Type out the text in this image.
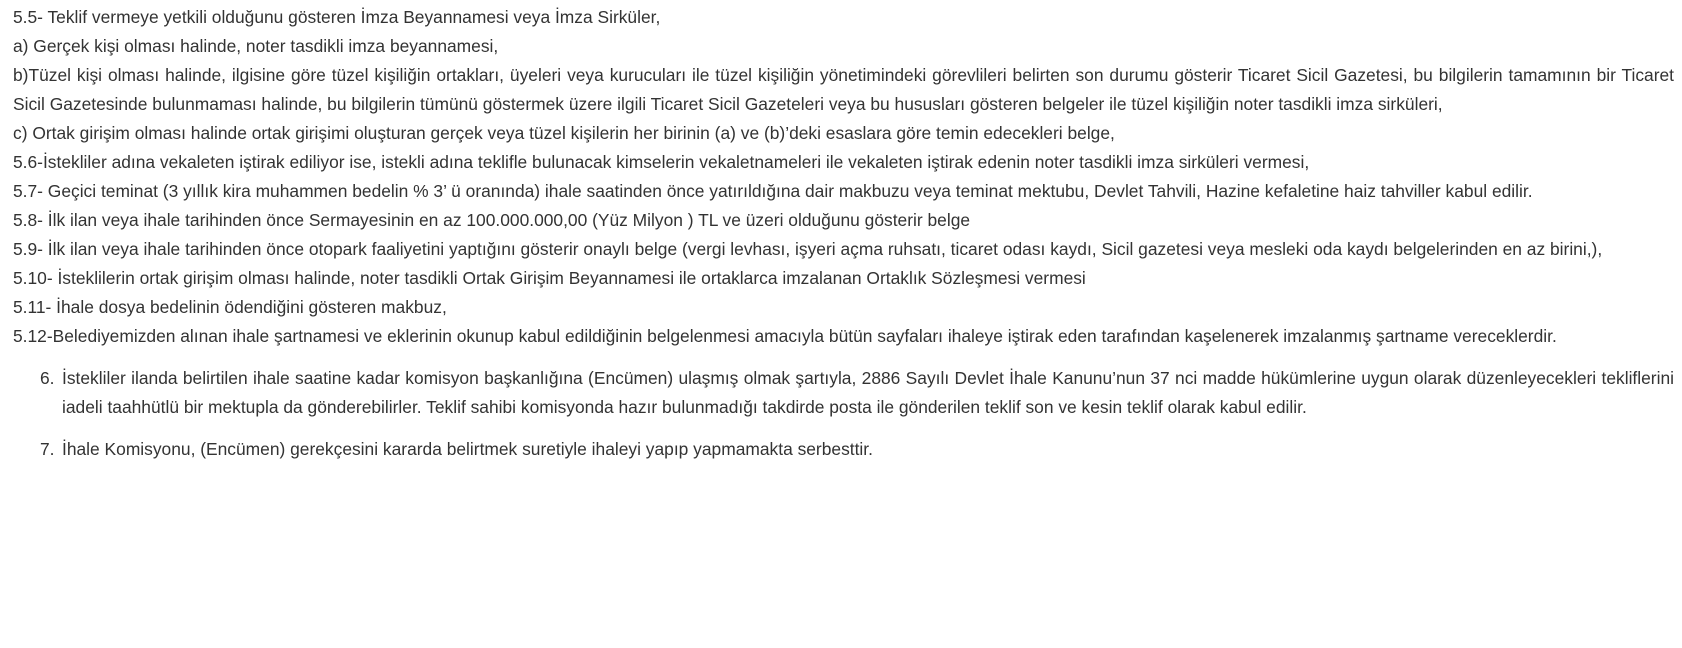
5.5- Teklif vermeye yetkili olduğunu gösteren İmza Beyannamesi veya İmza Sirküler,

a) Gerçek kişi olması halinde, noter tasdikli imza beyannamesi,

b)Tüzel kişi olması halinde, ilgisine göre tüzel kişiliğin ortakları, üyeleri veya kurucuları ile tüzel kişiliğin yönetimindeki görevlileri belirten son durumu gösterir Ticaret Sicil Gazetesi, bu bilgilerin tamamının bir Ticaret Sicil Gazetesinde bulunmaması halinde, bu bilgilerin tümünü göstermek üzere ilgili Ticaret Sicil Gazeteleri veya bu hususları gösteren belgeler ile tüzel kişiliğin noter tasdikli imza sirküleri,

c) Ortak girişim olması halinde ortak girişimi oluşturan gerçek veya tüzel kişilerin her birinin (a) ve (b)’deki esaslara göre temin edecekleri belge,

5.6-İstekliler adına vekaleten iştirak ediliyor ise, istekli adına teklifle bulunacak kimselerin vekaletnameleri ile vekaleten iştirak edenin noter tasdikli imza sirküleri vermesi,

5.7- Geçici teminat (3 yıllık kira muhammen bedelin % 3’ ü oranında) ihale saatinden önce yatırıldığına dair makbuzu veya teminat mektubu, Devlet Tahvili, Hazine kefaletine haiz tahviller kabul edilir.

5.8- İlk ilan veya ihale tarihinden önce Sermayesinin en az 100.000.000,00 (Yüz Milyon ) TL ve üzeri olduğunu gösterir belge

5.9- İlk ilan veya ihale tarihinden önce otopark faaliyetini yaptığını gösterir onaylı belge (vergi levhası, işyeri açma ruhsatı, ticaret odası kaydı, Sicil gazetesi veya mesleki oda kaydı belgelerinden en az birini,),

5.10- İsteklilerin ortak girişim olması halinde, noter tasdikli Ortak Girişim Beyannamesi ile ortaklarca imzalanan Ortaklık Sözleşmesi vermesi

5.11- İhale dosya bedelinin ödendiğini gösteren makbuz,

5.12-Belediyemizden alınan ihale şartnamesi ve eklerinin okunup kabul edildiğinin belgelenmesi amacıyla bütün sayfaları ihaleye iştirak eden tarafından kaşelenerek imzalanmış şartname vereceklerdir.

6. İstekliler ilanda belirtilen ihale saatine kadar komisyon başkanlığına (Encümen) ulaşmış olmak şartıyla, 2886 Sayılı Devlet İhale Kanunu’nun 37 nci madde hükümlerine uygun olarak düzenleyecekleri tekliflerini iadeli taahhütlü bir mektupla da gönderebilirler. Teklif sahibi komisyonda hazır bulunmadığı takdirde posta ile gönderilen teklif son ve kesin teklif olarak kabul edilir.
7. İhale Komisyonu, (Encümen) gerekçesini kararda belirtmek suretiyle ihaleyi yapıp yapmamakta serbesttir.
